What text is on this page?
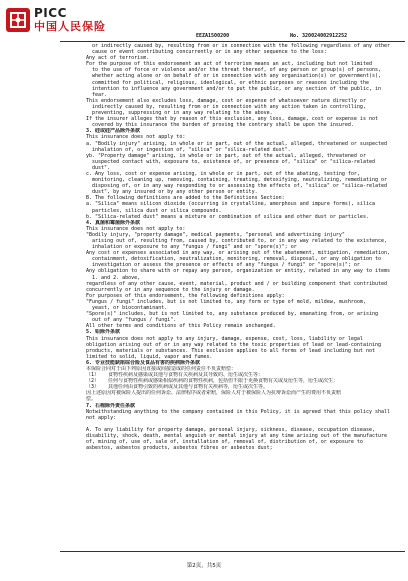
PICC
中国人民保险
EEZA1500200	No. 320024002912252
or indirectly caused by, resulting from or in connection with the following regardless of any other
cause or event contributing concurrently or in any other sequence to the loss:
Any act of terrorism.
For the purpose of this endorsement an act of terrorism means an act, including but not limited
to the use of force or violence and/or the threat thereof, of any person or group(s) of persons,
whether acting alone or on behalf of or in connection with any organisation(s) or government(s),
committed for political, religious, ideological, or ethnic purposes or reasons including the
intention to influence any government and/or to put the public, or any section of the public, in
fear.
This endorsement also excludes loss, damage, cost or expense of whatsoever nature directly or
indirectly caused by, resulting from or in connection with any action taken in controlling,
preventing, suppressing or in any way relating to the above.
If the insurer alleges that by reason of this exclusion, any loss, damage, cost or expense is not
covered by this insurance the burden of proving the contrary shall be upon the insured.
3. 硅或硅产品除外条款
This insurance does not apply to:
a. "Bodily injury" arising, in whole or in part, out of the actual, alleged, threatened or suspected
inhalation of, or ingestion of, "silica" or "silica-related dust".
yb. "Property damage" arising, in whole or in part, out of the actual, alleged, threatened or
suspected contact with, exposure to, existence of, or presence of, "silica" or "silica-related
dust".
c. Any loss, cost or expense arising, in whole or in part, out of the abating, testing for,
monitoring, cleaning up, removing, containing, treating, detoxifying, neutralizing, remediating or
disposing of, or in any way responding to or assessing the effects of, "silica" or "silica-related
dust", by any insured or by any other person or entity.
B. The following definitions are added to the Definitions Section:
a. "Silica" means silicon dioxide (occurring in crystalline, amorphous and impure forms), silica
particles, silica dust or silica compounds.
b. "Silica-related dust" means a mixture or combination of silica and other dust or particles.
4. 真菌和霉菌除外条款
This insurance does not apply to:
"Bodily injury, "property damage", medical payments, "personal and advertising injury"
arising out of, resulting from, caused by, contributed to, or in any way related to the existence,
inhalation or exposure to any "fungus / fungi" and or "spore(s)"; or
Any cost or expenses associated in any way, or arising out of the abatement, mitigation, remediation,
containment, detoxification, neutralization, monitoring, removal, disposal, or any obligation to
investigation or assess the presence or effects of any "fungus / fungi" or "spore(s)"; or
Any obligation to share with or repay any person, organization or entity, related in any way to items
1. and 2. above,
regardless of any other cause, event, material, product and / or building component that contributed
concurrently or in any sequence to the injury or damage.
For purposes of this endorsement, the following definitions apply:
"Fungus / fungi" includes, but is not limited to, any form or type of mold, mildew, mushroom,
yeast, or biocontaminant.
"Spore(s)" includes, but is not limited to, any substance produced by, emanating from, or arising
out of any "fungus / fungi".
All other terms and conditions of this Policy remain unchanged.
5. 铅除外条款
This insurance does not apply to any injury, damage, expense, cost, loss, liability or legal
obligation arising out of or in any way related to the toxic properties of lead or lead-containing
products, materials or substances. This exclusion applies to all forms of lead including but not
limited to solid, liquid, vapor and fumes.
6. 专业技能缺陷综合险及食品有害的疾病除外条款
本保险合同对于由下列原因直接或间接造成的任何责任不负责赔偿：
（1）   食物性疾病及感染或其他与食物有关疾病及其导致的、衍生或次生等：
（2）   任何与食物性疾病或感染相似疾病的食物性疾病，包括但不限于更换食物有关或及衍生等，衍生或次生：
（3）   其他任何由食物引致的疾病或及其他与食物有关疾病等，衍生或次生等。
因上述原因对被保险人提出的任何诉讼、法律程序或者索赔，保险人对于被保险人为抗辩诉讼而产生的费用不负责赔
偿。
7. 石棉除外责任条款
Notwithstanding anything to the company contained in this Policy, it is agreed that this policy shall
not apply:
A. To any liability for property damage, personal injury, sickness, disease, occupation disease,
disability, shock, death, mental anguish or mental injury at any time arising out of the manufacture
of, mining of, use of, sale of, installation of, removal of, distribution of, or exposure to
asbestos, asbestos products, asbestos fibres or asbestos dust;
第2页，共5页
